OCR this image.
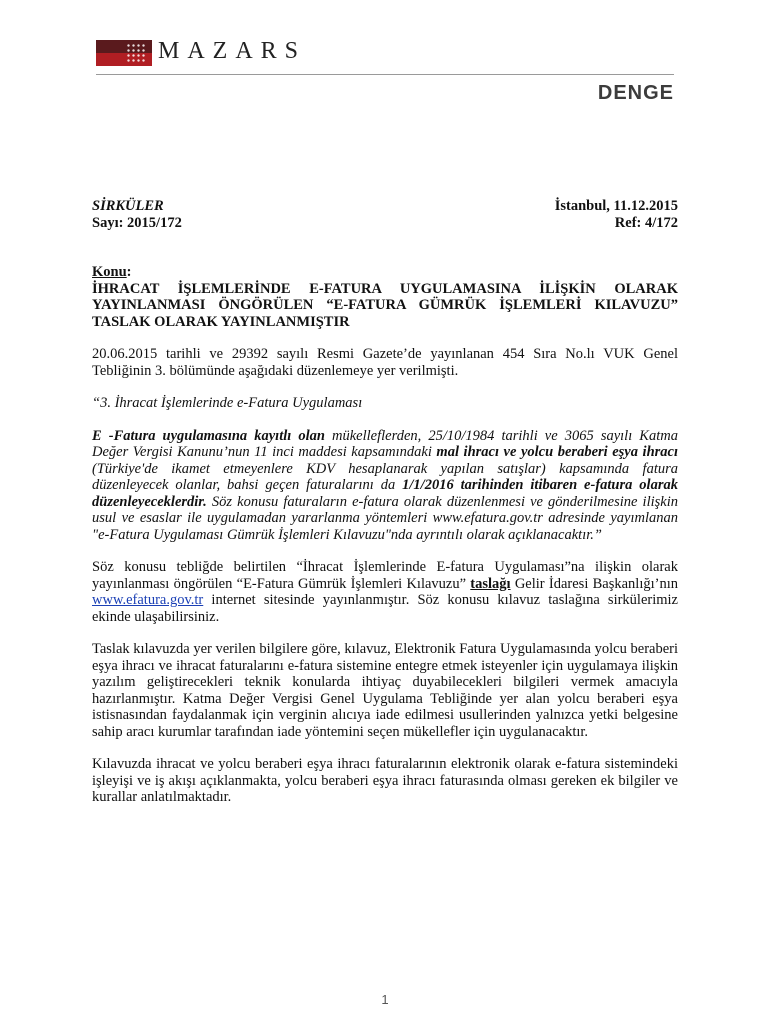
MAZARS
DENGE
SİRKÜLER	İstanbul, 11.12.2015
Sayı: 2015/172	Ref: 4/172
Konu:
İHRACAT İŞLEMLERİNDE E-FATURA UYGULAMASINA İLİŞKİN OLARAK YAYINLANMASI ÖNGÖRÜLEN “E-FATURA GÜMRÜK İŞLEMLERİ KILAVUZU” TASLAK OLARAK YAYINLANMIŞTIR

20.06.2015 tarihli ve 29392 sayılı Resmi Gazete’de yayınlanan 454 Sıra No.lı VUK Genel Tebliğinin 3. bölümünde aşağıdaki düzenlemeye yer verilmişti.

“3. İhracat İşlemlerinde e-Fatura Uygulaması

E -Fatura uygulamasına kayıtlı olan mükelleflerden, 25/10/1984 tarihli ve 3065 sayılı Katma Değer Vergisi Kanunu’nun 11 inci maddesi kapsamındaki mal ihracı ve yolcu beraberi eşya ihracı (Türkiye'de ikamet etmeyenlere KDV hesaplanarak yapılan satışlar) kapsamında fatura düzenleyecek olanlar, bahsi geçen faturalarını da 1/1/2016 tarihinden itibaren e-fatura olarak düzenleyeceklerdir. Söz konusu faturaların e-fatura olarak düzenlenmesi ve gönderilmesine ilişkin usul ve esaslar ile uygulamadan yararlanma yöntemleri www.efatura.gov.tr adresinde yayımlanan "e-Fatura Uygulaması Gümrük İşlemleri Kılavuzu"nda ayrıntılı olarak açıklanacaktır.”

Söz konusu tebliğde belirtilen “İhracat İşlemlerinde E-fatura Uygulaması”na ilişkin olarak yayınlanması öngörülen “E-Fatura Gümrük İşlemleri Kılavuzu” taslağı Gelir İdaresi Başkanlığı’nın www.efatura.gov.tr internet sitesinde yayınlanmıştır. Söz konusu kılavuz taslağına sirkülerimiz ekinde ulaşabilirsiniz.

Taslak kılavuzda yer verilen bilgilere göre, kılavuz, Elektronik Fatura Uygulamasında yolcu beraberi eşya ihracı ve ihracat faturalarını e-fatura sistemine entegre etmek isteyenler için uygulamaya ilişkin yazılım geliştirecekleri teknik konularda ihtiyaç duyabilecekleri bilgileri vermek amacıyla hazırlanmıştır. Katma Değer Vergisi Genel Uygulama Tebliğinde yer alan yolcu beraberi eşya istisnasından faydalanmak için verginin alıcıya iade edilmesi usullerinden yalnızca yetki belgesine sahip aracı kurumlar tarafından iade yöntemini seçen mükellefler için uygulanacaktır.

Kılavuzda ihracat ve yolcu beraberi eşya ihracı faturalarının elektronik olarak e-fatura sistemindeki işleyişi ve iş akışı açıklanmakta, yolcu beraberi eşya ihracı faturasında olması gereken ek bilgiler ve kurallar anlatılmaktadır.

1
